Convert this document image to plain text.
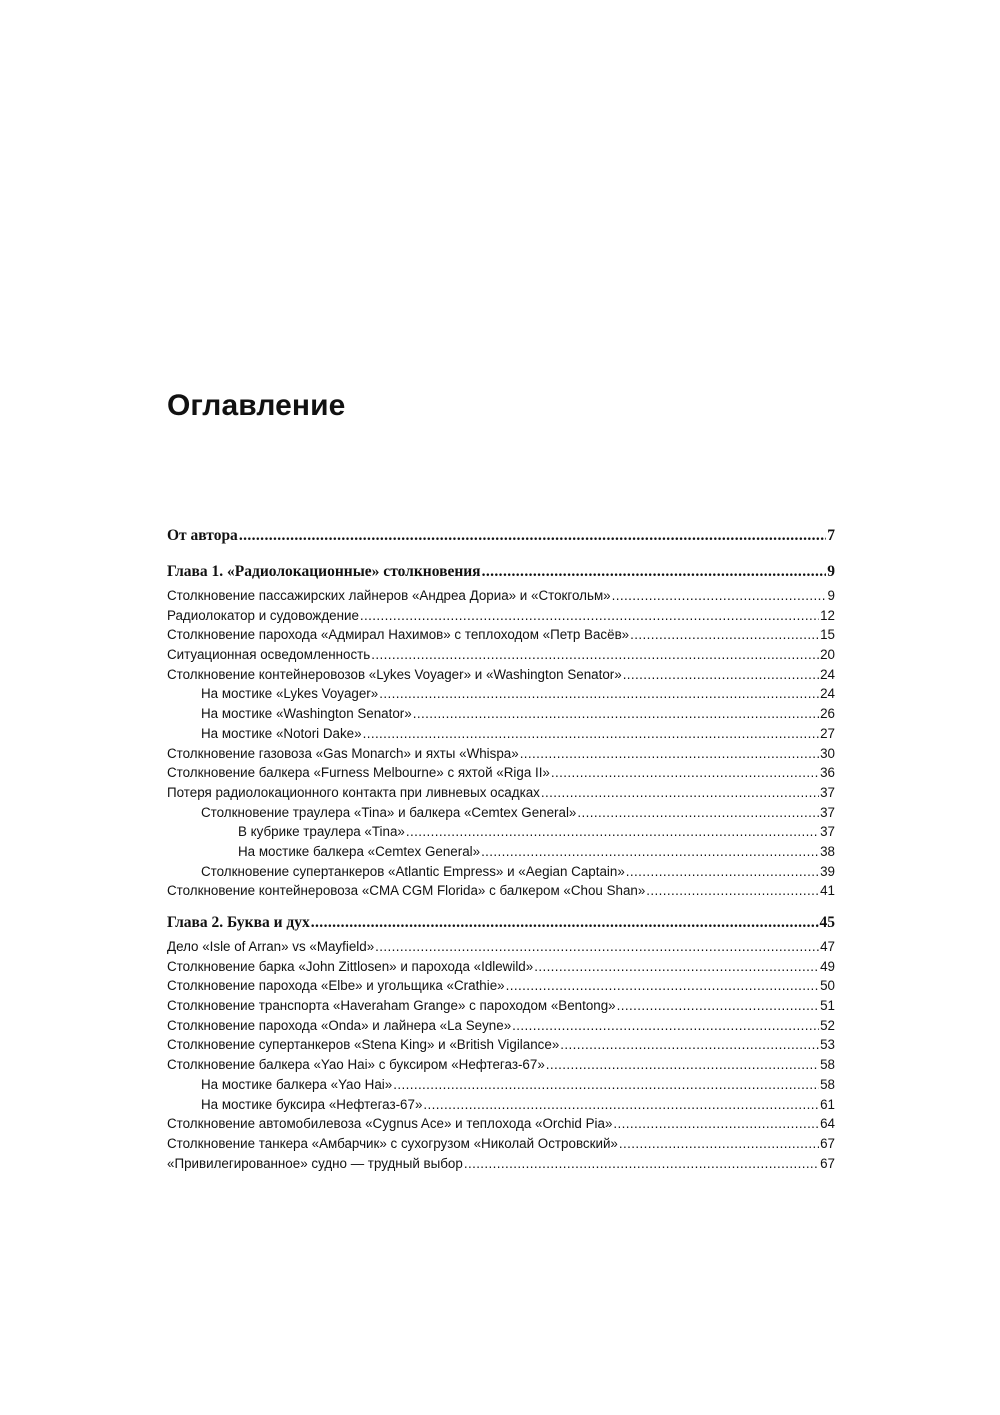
Оглавление
От автора .....	7
Глава 1. «Радиолокационные» столкновения .....	9
Столкновение пассажирских лайнеров «Андреа Дориа» и «Стокгольм» .....	9
Радиолокатор и судовождение .....	12
Столкновение парохода «Адмирал Нахимов» с теплоходом «Петр Васёв» .....	15
Ситуационная осведомленность .....	20
Столкновение контейнеровозов «Lykes Voyager» и «Washington Senator» .....	24
На мостике «Lykes Voyager» .....	24
На мостике «Washington Senator» .....	26
На мостике «Notori Dake» .....	27
Столкновение газовоза «Gas Monarch» и яхты «Whispa» .....	30
Столкновение балкера «Furness Melbourne» с яхтой «Riga II» .....	36
Потеря радиолокационного контакта при ливневых осадках .....	37
Столкновение траулера «Tina» и балкера «Cemtex General» .....	37
В кубрике траулера «Tina» .....	37
На мостике балкера «Cemtex General» .....	38
Столкновение супертанкеров «Atlantic Empress» и «Aegian Captain» .....	39
Столкновение контейнеровоза «CMA CGM Florida» с балкером «Chou Shan» .....	41
Глава 2. Буква и дух .....	45
Дело «Isle of Arran» vs «Mayfield» .....	47
Столкновение барка «John Zittlosen» и парохода «Idlewild» .....	49
Столкновение парохода «Elbe» и угольщика «Crathie» .....	50
Столкновение транспорта «Haveraham Grange» с пароходом «Bentong» .....	51
Столкновение парохода «Onda» и лайнера «La Seyne» .....	52
Столкновение супертанкеров «Stena King» и «British Vigilance» .....	53
Столкновение балкера «Yao Hai» с буксиром «Нефтегаз-67» .....	58
На мостике балкера «Yao Hai» .....	58
На мостике буксира «Нефтегаз-67» .....	61
Столкновение автомобилевоза «Cygnus Ace» и теплохода «Orchid Pia» .....	64
Столкновение танкера «Амбарчик» с сухогрузом «Николай Островский» .....	67
«Привилегированное» судно — трудный выбор .....	67
